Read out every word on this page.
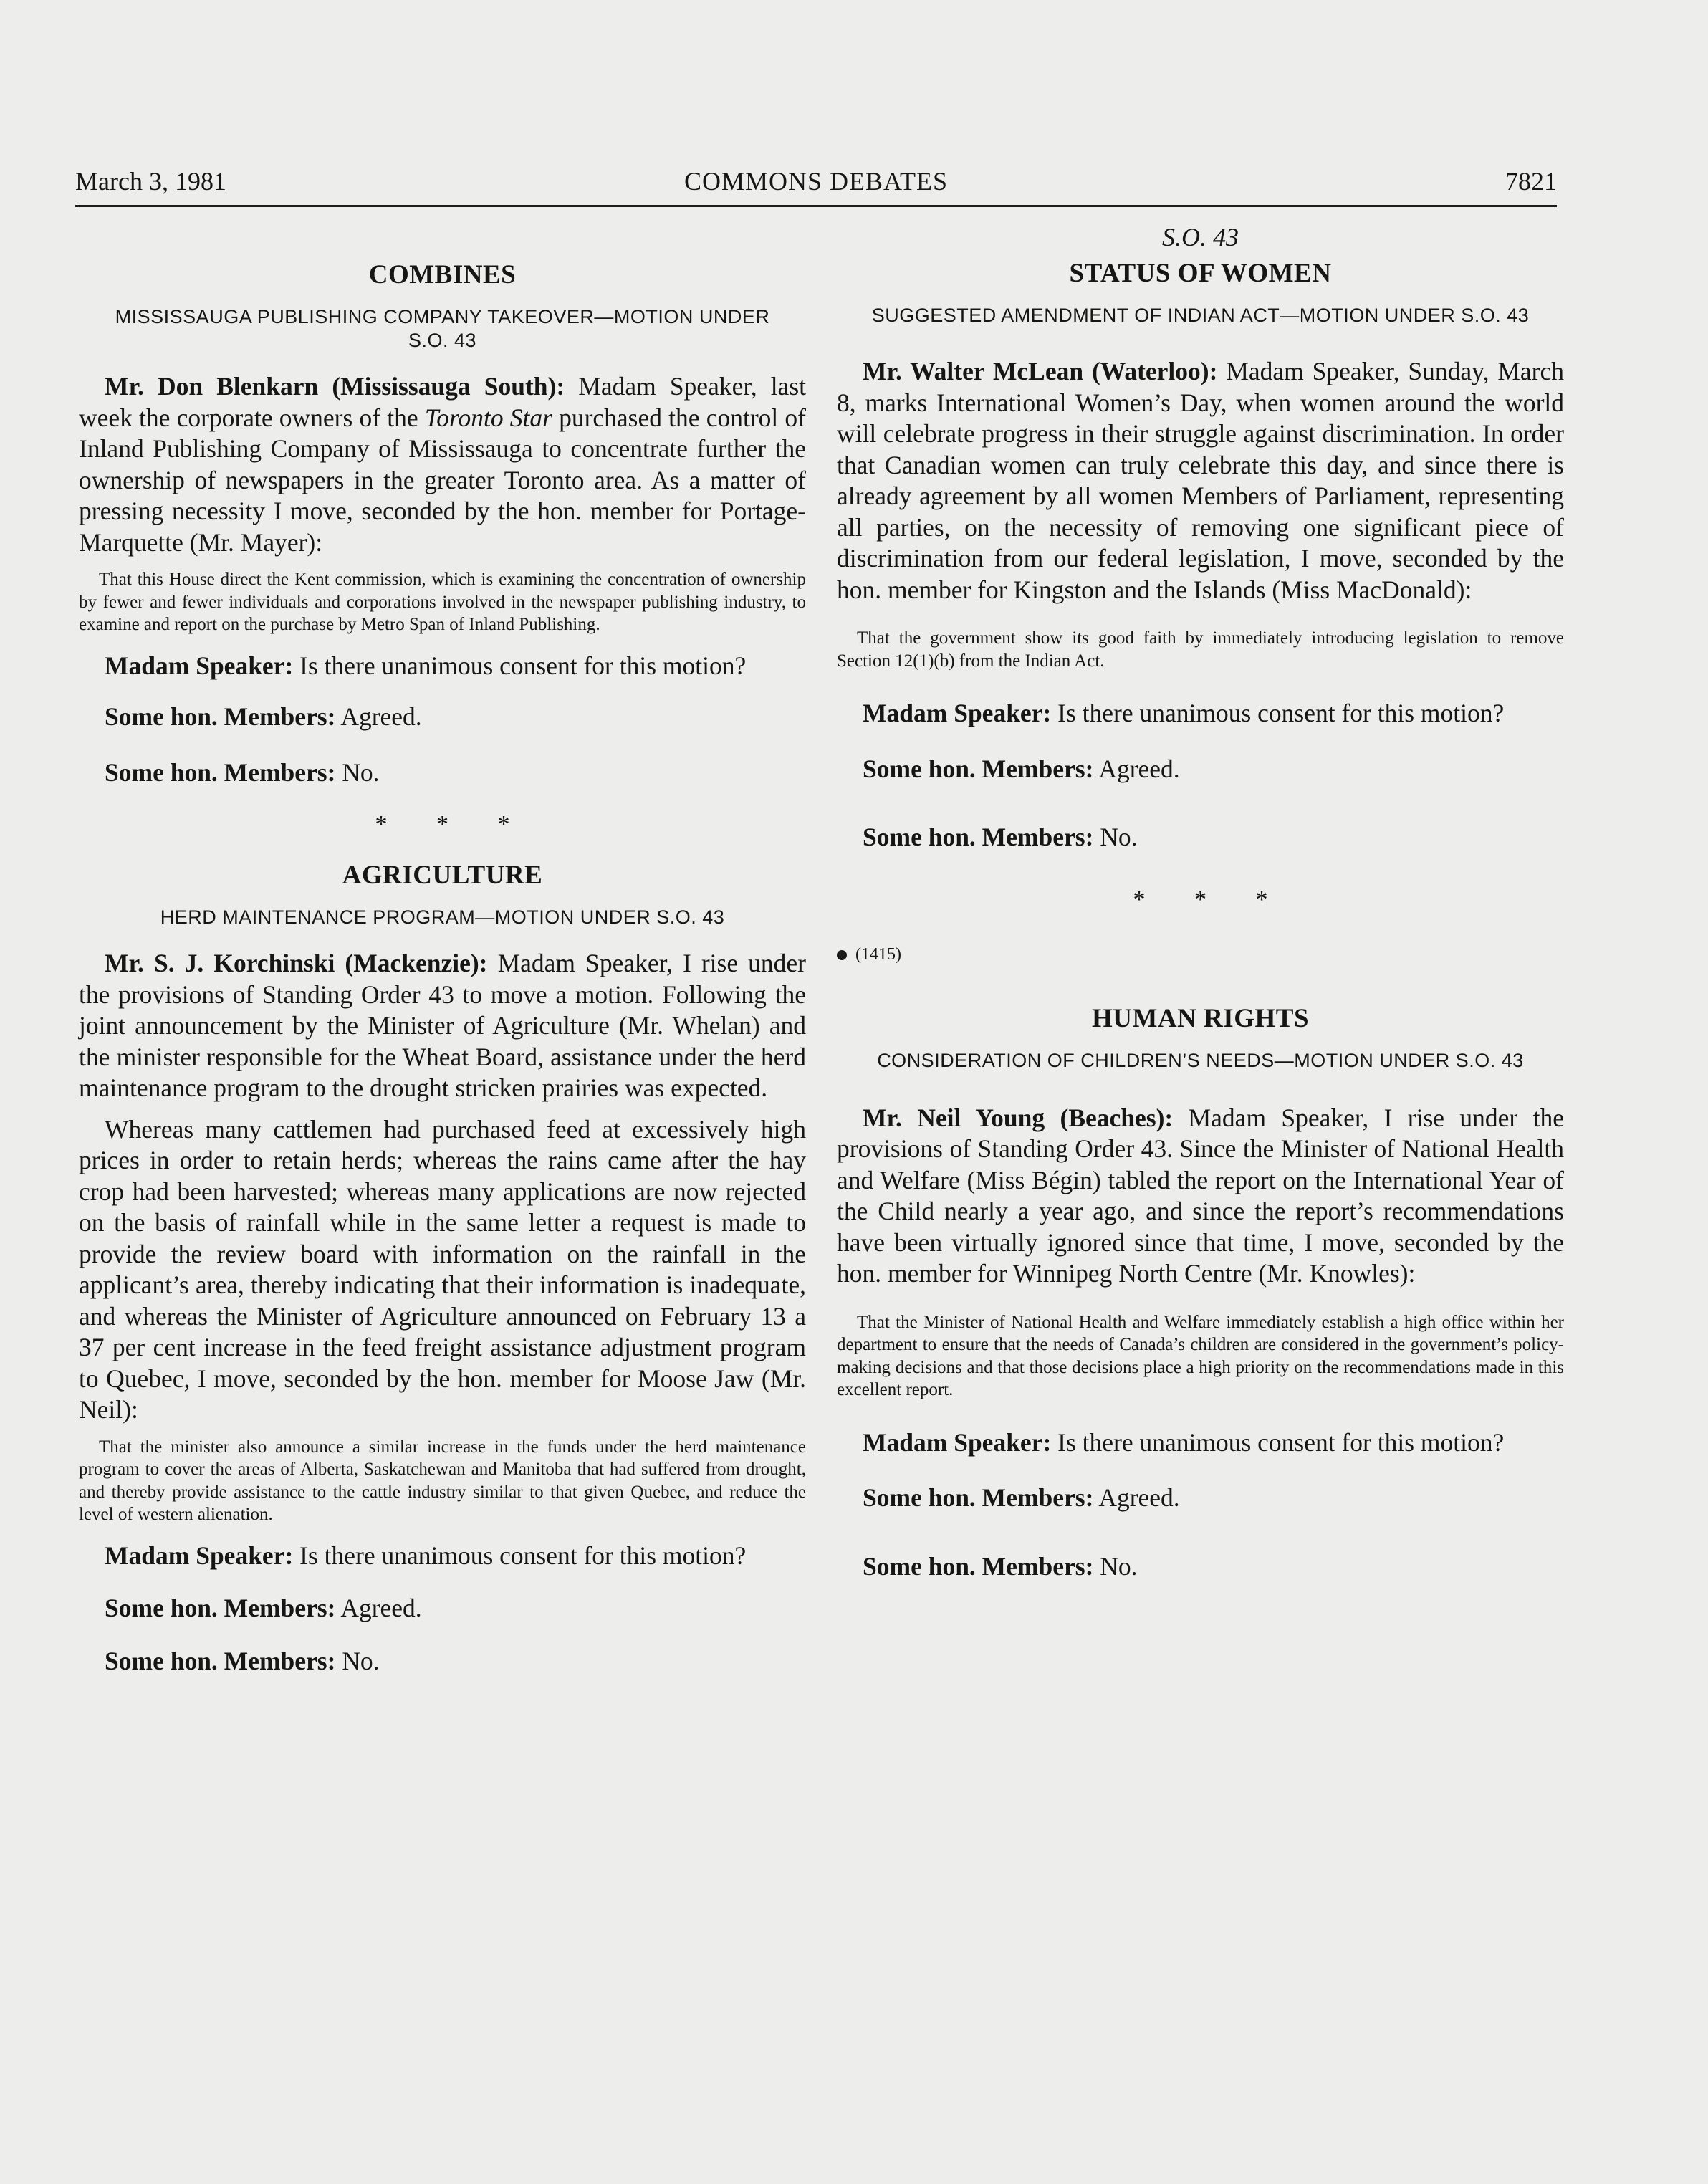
March 3, 1981	COMMONS DEBATES	7821
COMBINES
MISSISSAUGA PUBLISHING COMPANY TAKEOVER—MOTION UNDER S.O. 43

Mr. Don Blenkarn (Mississauga South): Madam Speaker, last week the corporate owners of the Toronto Star purchased the control of Inland Publishing Company of Mississauga to concentrate further the ownership of newspapers in the greater Toronto area. As a matter of pressing necessity I move, seconded by the hon. member for Portage-Marquette (Mr. Mayer):

That this House direct the Kent commission, which is examining the concentration of ownership by fewer and fewer individuals and corporations involved in the newspaper publishing industry, to examine and report on the purchase by Metro Span of Inland Publishing.

Madam Speaker: Is there unanimous consent for this motion?

Some hon. Members: Agreed.

Some hon. Members: No.

* * *

AGRICULTURE
HERD MAINTENANCE PROGRAM—MOTION UNDER S.O. 43

Mr. S. J. Korchinski (Mackenzie): Madam Speaker, I rise under the provisions of Standing Order 43 to move a motion. Following the joint announcement by the Minister of Agriculture (Mr. Whelan) and the minister responsible for the Wheat Board, assistance under the herd maintenance program to the drought stricken prairies was expected.

Whereas many cattlemen had purchased feed at excessively high prices in order to retain herds; whereas the rains came after the hay crop had been harvested; whereas many applications are now rejected on the basis of rainfall while in the same letter a request is made to provide the review board with information on the rainfall in the applicant’s area, thereby indicating that their information is inadequate, and whereas the Minister of Agriculture announced on February 13 a 37 per cent increase in the feed freight assistance adjustment program to Quebec, I move, seconded by the hon. member for Moose Jaw (Mr. Neil):

That the minister also announce a similar increase in the funds under the herd maintenance program to cover the areas of Alberta, Saskatchewan and Manitoba that had suffered from drought, and thereby provide assistance to the cattle industry similar to that given Quebec, and reduce the level of western alienation.

Madam Speaker: Is there unanimous consent for this motion?

Some hon. Members: Agreed.

Some hon. Members: No.

S.O. 43
STATUS OF WOMEN
SUGGESTED AMENDMENT OF INDIAN ACT—MOTION UNDER S.O. 43

Mr. Walter McLean (Waterloo): Madam Speaker, Sunday, March 8, marks International Women’s Day, when women around the world will celebrate progress in their struggle against discrimination. In order that Canadian women can truly celebrate this day, and since there is already agreement by all women Members of Parliament, representing all parties, on the necessity of removing one significant piece of discrimination from our federal legislation, I move, seconded by the hon. member for Kingston and the Islands (Miss MacDonald):

That the government show its good faith by immediately introducing legislation to remove Section 12(1)(b) from the Indian Act.

Madam Speaker: Is there unanimous consent for this motion?

Some hon. Members: Agreed.

Some hon. Members: No.

* * *

(1415)

HUMAN RIGHTS
CONSIDERATION OF CHILDREN’S NEEDS—MOTION UNDER S.O. 43

Mr. Neil Young (Beaches): Madam Speaker, I rise under the provisions of Standing Order 43. Since the Minister of National Health and Welfare (Miss Bégin) tabled the report on the International Year of the Child nearly a year ago, and since the report’s recommendations have been virtually ignored since that time, I move, seconded by the hon. member for Winnipeg North Centre (Mr. Knowles):

That the Minister of National Health and Welfare immediately establish a high office within her department to ensure that the needs of Canada’s children are considered in the government’s policy-making decisions and that those decisions place a high priority on the recommendations made in this excellent report.

Madam Speaker: Is there unanimous consent for this motion?

Some hon. Members: Agreed.

Some hon. Members: No.
